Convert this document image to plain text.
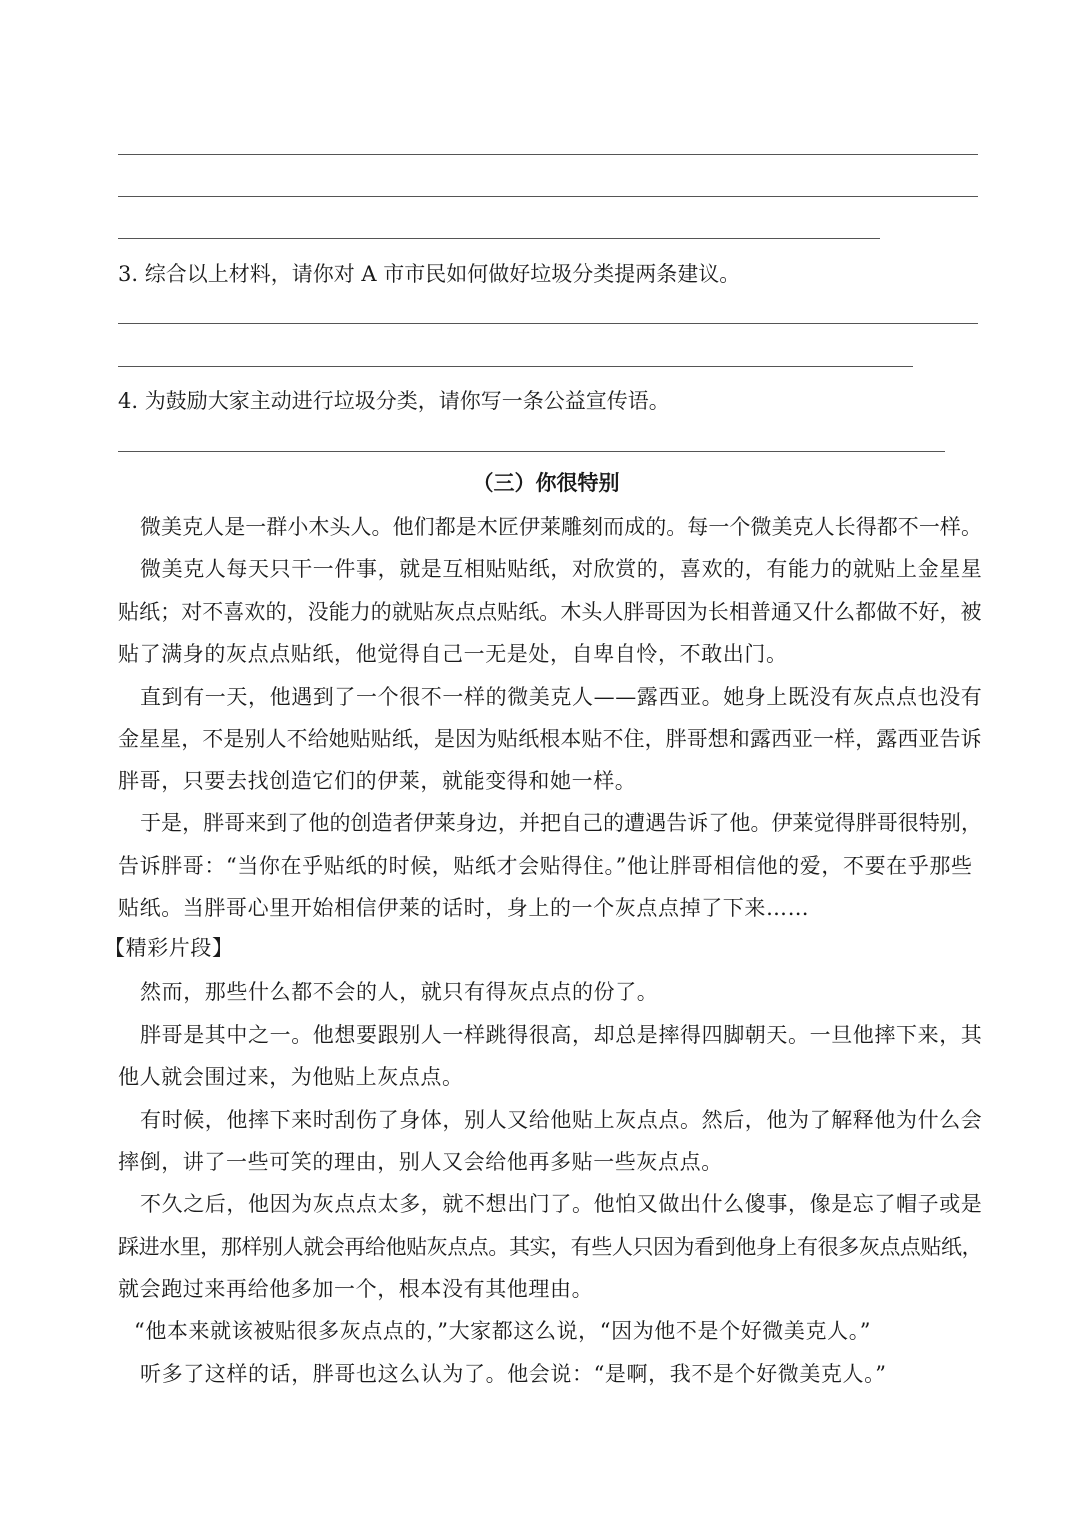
3. 综合以上材料，请你对 A 市市民如何做好垃圾分类提两条建议。
4. 为鼓励大家主动进行垃圾分类，请你写一条公益宣传语。
（三）你很特别
微美克人是一群小木头人。他们都是木匠伊莱雕刻而成的。每一个微美克人长得都不一样。
微美克人每天只干一件事，就是互相贴贴纸，对欣赏的，喜欢的，有能力的就贴上金星星
贴纸；对不喜欢的，没能力的就贴灰点点贴纸。木头人胖哥因为长相普通又什么都做不好，被
贴了满身的灰点点贴纸，他觉得自己一无是处，自卑自怜，不敢出门。
直到有一天，他遇到了一个很不一样的微美克人——露西亚。她身上既没有灰点点也没有
金星星，不是别人不给她贴贴纸，是因为贴纸根本贴不住，胖哥想和露西亚一样，露西亚告诉
胖哥，只要去找创造它们的伊莱，就能变得和她一样。
于是，胖哥来到了他的创造者伊莱身边，并把自己的遭遇告诉了他。伊莱觉得胖哥很特别，
告诉胖哥：“当你在乎贴纸的时候，贴纸才会贴得住。”他让胖哥相信他的爱，不要在乎那些
贴纸。当胖哥心里开始相信伊莱的话时，身上的一个灰点点掉了下来……
【精彩片段】
然而，那些什么都不会的人，就只有得灰点点的份了。
胖哥是其中之一。他想要跟别人一样跳得很高，却总是摔得四脚朝天。一旦他摔下来，其
他人就会围过来，为他贴上灰点点。
有时候，他摔下来时刮伤了身体，别人又给他贴上灰点点。然后，他为了解释他为什么会
摔倒，讲了一些可笑的理由，别人又会给他再多贴一些灰点点。
不久之后，他因为灰点点太多，就不想出门了。他怕又做出什么傻事，像是忘了帽子或是
踩进水里，那样别人就会再给他贴灰点点。其实，有些人只因为看到他身上有很多灰点点贴纸，
就会跑过来再给他多加一个，根本没有其他理由。
“他本来就该被贴很多灰点点的，”大家都这么说，“因为他不是个好微美克人。”
听多了这样的话，胖哥也这么认为了。他会说：“是啊，我不是个好微美克人。”
